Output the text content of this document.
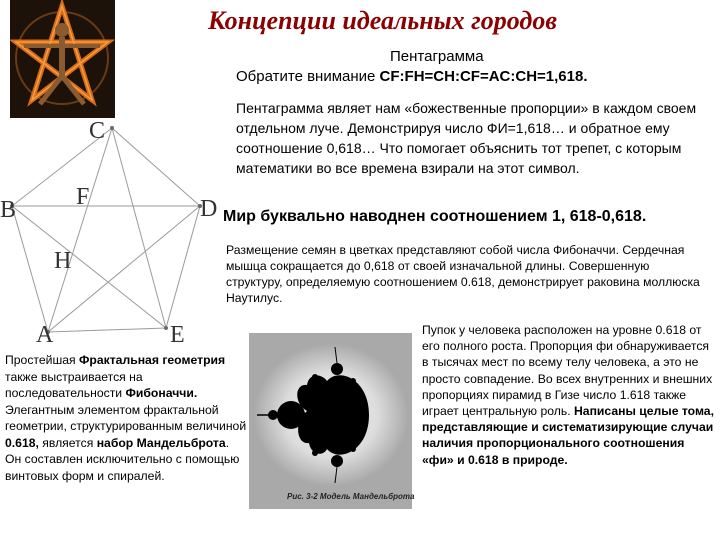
Концепции идеальных городов
Пентаграмма
Обратите внимание CF:FH=CH:CF=AC:CH=1,618.
Пентаграмма являет нам «божественные пропорции» в каждом своем отдельном луче. Демонстрируя число ФИ=1,618… и обратное ему соотношение 0,618… Что помогает объяснить тот трепет, с которым математики во все времена взирали на этот символ.
C
F
B	D
H
A	E
Мир буквально наводнен соотношением 1, 618-0,618.
Размещение семян в цветках представляют собой числа Фибоначчи. Сердечная мышца сокращается до 0,618 от своей изначальной длины. Совершенную структуру, определяемую соотношением 0.618, демонстрирует раковина моллюска Наутилус.
Простейшая Фрактальная геометрия также выстраивается на последовательности Фибоначчи. Элегантным элементом фрактальной геометрии, структурированным величиной 0.618, является набор Мандельброта. Он составлен исключительно с помощью винтовых форм и спиралей.
Рис. 3-2 Модель Мандельброта
Пупок у человека расположен на уровне 0.618 от его полного роста. Пропорция фи обнаруживается в тысячах мест по всему телу человека, а это не просто совпадение. Во всех внутренних и внешних пропорциях пирамид в Гизе число 1.618 также играет центральную роль. Написаны целые тома, представляющие и систематизирующие случаи наличия пропорционального соотношения «фи» и 0.618 в природе.
